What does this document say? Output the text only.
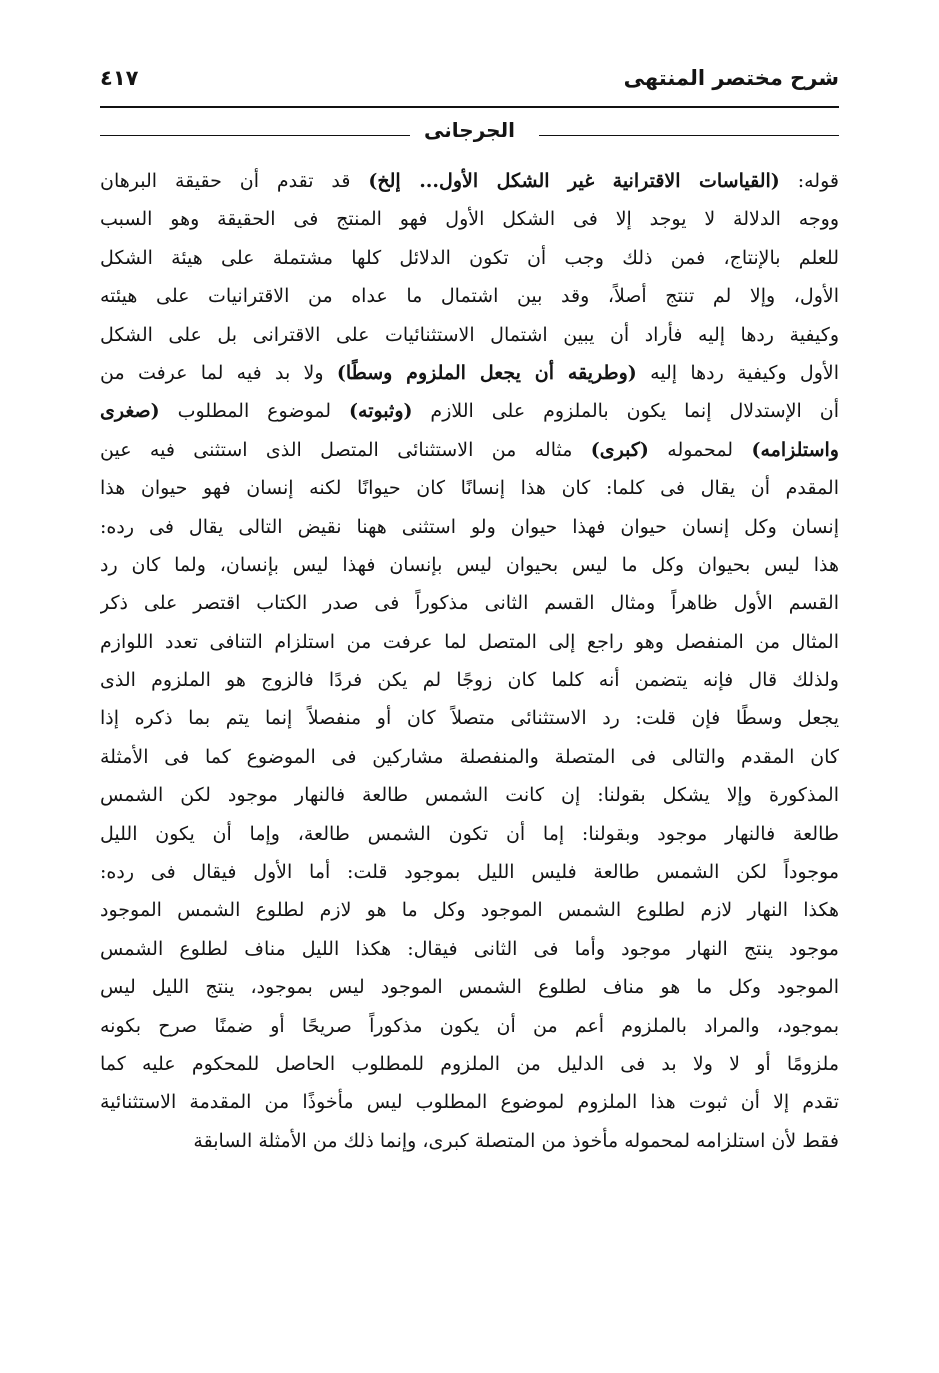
شرح مختصر المنتهى
٤١٧
الجرجانى
قوله: (القياسات الاقترانية غير الشكل الأول... إلخ) قد تقدم أن حقيقة البرهان
ووجه الدلالة لا يوجد إلا فى الشكل الأول فهو المنتج فى الحقيقة وهو السبب
للعلم بالإنتاج، فمن ذلك وجب أن تكون الدلائل كلها مشتملة على هيئة الشكل
الأول، وإلا لم تنتج أصلاً، وقد بين اشتمال ما عداه من الاقترانيات على هيئته
وكيفية ردها إليه فأراد أن يبين اشتمال الاستثنائيات على الاقترانى بل على الشكل
الأول وكيفية ردها إليه (وطريقه أن يجعل الملزوم وسطًا) ولا بد فيه لما عرفت من
أن الإستدلال إنما يكون بالملزوم على اللازم (وثبوته) لموضوع المطلوب (صغرى
واستلزامه) لمحموله (كبرى) مثاله من الاستثنائى المتصل الذى استثنى فيه عين
المقدم أن يقال فى كلما: كان هذا إنسانًا كان حيوانًا لكنه إنسان فهو حيوان هذا
إنسان وكل إنسان حيوان فهذا حيوان ولو استثنى ههنا نقيض التالى يقال فى رده:
هذا ليس بحيوان وكل ما ليس بحيوان ليس بإنسان فهذا ليس بإنسان، ولما كان رد
القسم الأول ظاهراً ومثال القسم الثانى مذكوراً فى صدر الكتاب اقتصر على ذكر
المثال من المنفصل وهو راجع إلى المتصل لما عرفت من استلزام التنافى تعدد اللوازم
ولذلك قال فإنه يتضمن أنه كلما كان زوجًا لم يكن فردًا فالزوج هو الملزوم الذى
يجعل وسطًا فإن قلت: رد الاستثنائى متصلاً كان أو منفصلاً إنما يتم بما ذكره إذا
كان المقدم والتالى فى المتصلة والمنفصلة مشاركين فى الموضوع كما فى الأمثلة
المذكورة وإلا يشكل بقولنا: إن كانت الشمس طالعة فالنهار موجود لكن الشمس
طالعة فالنهار موجود وبقولنا: إما أن تكون الشمس طالعة، وإما أن يكون الليل
موجوداً لكن الشمس طالعة فليس الليل بموجود قلت: أما الأول فيقال فى رده:
هكذا النهار لازم لطلوع الشمس الموجود وكل ما هو لازم لطلوع الشمس الموجود
موجود ينتج النهار موجود وأما فى الثانى فيقال: هكذا الليل مناف لطلوع الشمس
الموجود وكل ما هو مناف لطلوع الشمس الموجود ليس بموجود، ينتج الليل ليس
بموجود، والمراد بالملزوم أعم من أن يكون مذكوراً صريحًا أو ضمنًا صرح بكونه
ملزومًا أو لا ولا بد فى الدليل من الملزوم للمطلوب الحاصل للمحكوم عليه كما
تقدم إلا أن ثبوت هذا الملزوم لموضوع المطلوب ليس مأخوذًا من المقدمة الاستثنائية
فقط لأن استلزامه لمحموله مأخوذ من المتصلة كبرى، وإنما ذلك من الأمثلة السابقة
